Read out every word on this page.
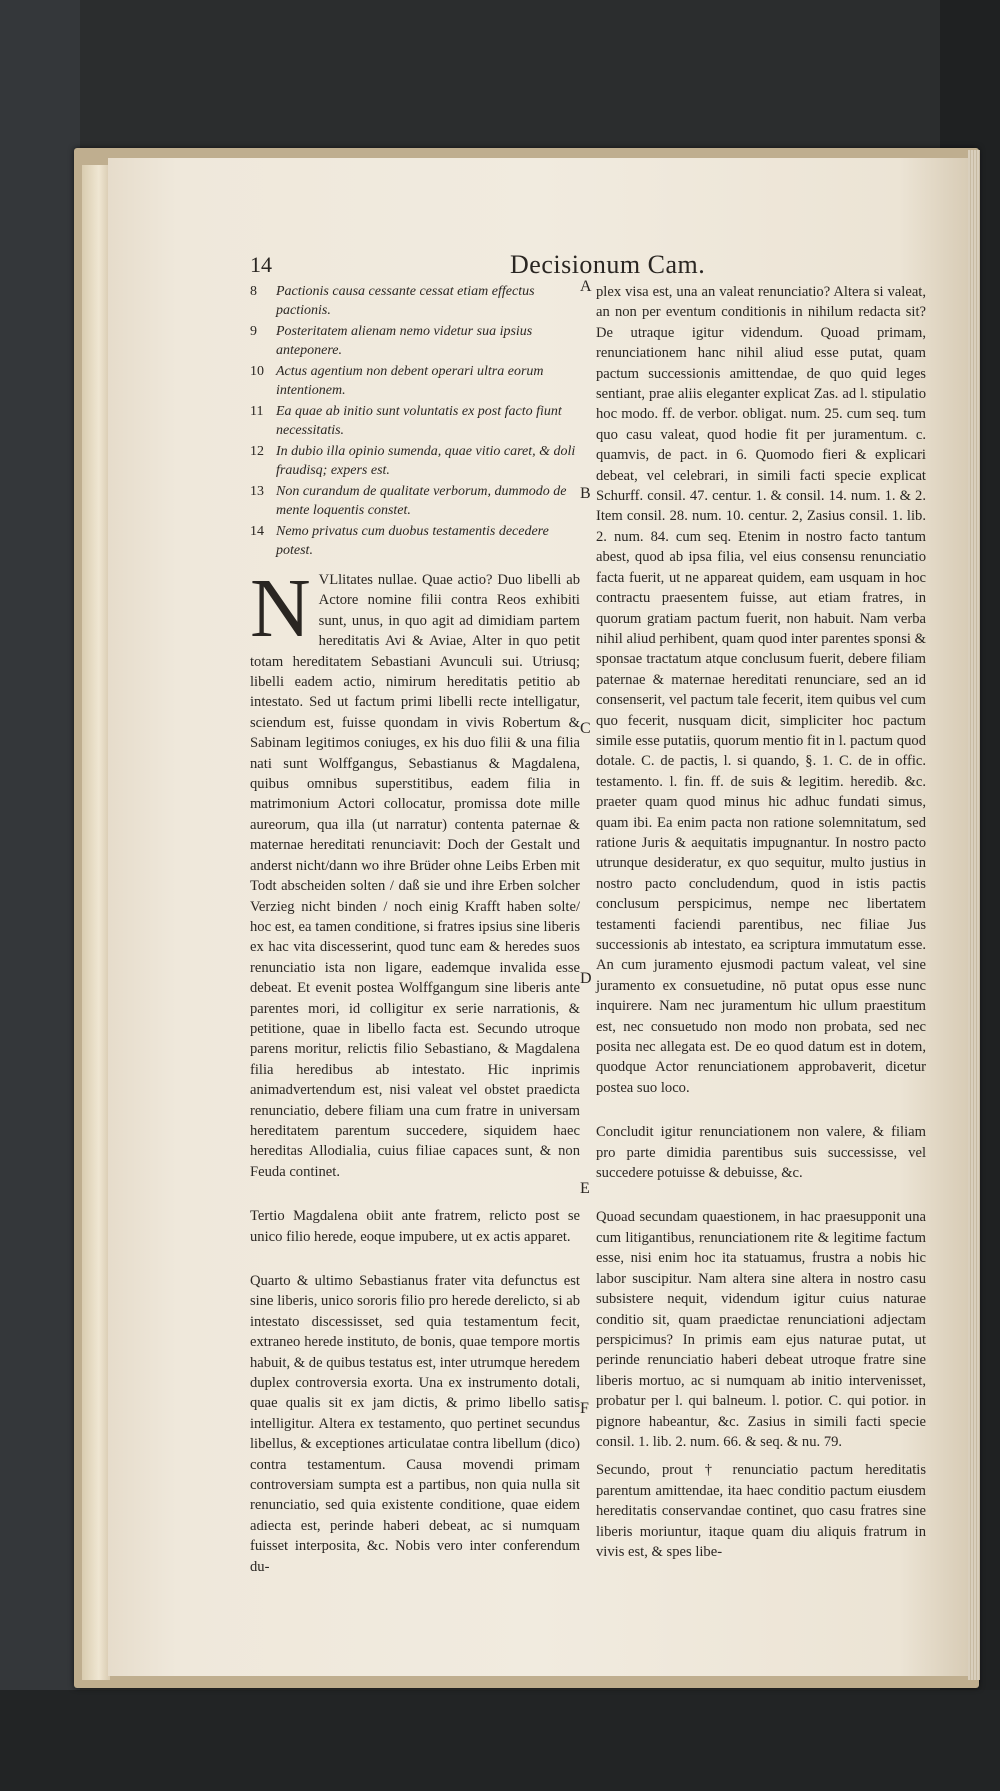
14	Decisionum Cam.
8 Pactionis causa cessante cessat etiam effectus pactionis.
9 Posteritatem alienam nemo videtur sua ipsius anteponere.
10 Actus agentium non debent operari ultra eorum intentionem.
11 Ea quae ab initio sunt voluntatis ex post facto fiunt necessitatis.
12 In dubio illa opinio sumenda, quae vitio caret, & doli fraudisq; expers est.
13 Non curandum de qualitate verborum, dummodo de mente loquentis constet.
14 Nemo privatus cum duobus testamentis decedere potest.

N VLlitates nullae. Quae actio? Duo libelli ab Actore nomine filii contra Reos exhibiti sunt, unus, in quo agit ad dimidiam partem hereditatis Avi & Aviae, Alter in quo petit totam hereditatem Sebastiani Avunculi sui. Utriusq; libelli eadem actio, nimirum hereditatis petitio ab intestato. Sed ut factum primi libelli recte intelligatur, sciendum est, fuisse quondam in vivis Robertum & Sabinam legitimos coniuges, ex his duo filii & una filia nati sunt Wolffgangus, Sebastianus & Magdalena, quibus omnibus superstitibus, eadem filia in matrimonium Actori collocatur, promissa dote mille aureorum, qua illa (ut narratur) contenta paternae & maternae hereditati renunciavit: Doch der Gestalt und anderst nicht/dann wo ihre Brüder ohne Leibs Erben mit Todt abscheiden solten / daß sie und ihre Erben solcher Verzieg nicht binden / noch einig Krafft haben solte/ hoc est, ea tamen conditione, si fratres ipsius sine liberis ex hac vita discesserint, quod tunc eam & heredes suos renunciatio ista non ligare, eademque invalida esse debeat. Et evenit postea Wolffgangum sine liberis ante parentes mori, id colligitur ex serie narrationis, & petitione, quae in libello facta est. Secundo utroque parens moritur, relictis filio Sebastiano, & Magdalena filia heredibus ab intestato. Hic inprimis animadvertendum est, nisi valeat vel obstet praedicta renunciatio, debere filiam una cum fratre in universam hereditatem parentum succedere, siquidem haec hereditas Allodialia, cuius filiae capaces sunt, & non Feuda continet.

Tertio Magdalena obiit ante fratrem, relicto post se unico filio herede, eoque impubere, ut ex actis apparet.

Quarto & ultimo Sebastianus frater vita defunctus est sine liberis, unico sororis filio pro herede derelicto, si ab intestato discessisset, sed quia testamentum fecit, extraneo herede instituto, de bonis, quae tempore mortis habuit, & de quibus testatus est, inter utrumque heredem duplex controversia exorta. Una ex instrumento dotali, quae qualis sit ex jam dictis, & primo libello satis intelligitur. Altera ex testamento, quo pertinet secundus libellus, & exceptiones articulatae contra libellum (dico) contra testamentum. Causa movendi primam controversiam sumpta est a partibus, non quia nulla sit renunciatio, sed quia existente conditione, quae eidem adiecta est, perinde haberi debeat, ac si numquam fuisset interposita, &c. Nobis vero inter conferendum du-

plex visa est, una an valeat renunciatio? Altera si valeat, an non per eventum conditionis in nihilum redacta sit? De utraque igitur videndum. Quoad primam, renunciationem hanc nihil aliud esse putat, quam pactum successionis amittendae, de quo quid leges sentiant, prae aliis eleganter explicat Zas. ad l. stipulatio hoc modo. ff. de verbor. obligat. num. 25. cum seq. tum quo casu valeat, quod hodie fit per juramentum. c. quamvis, de pact. in 6. Quomodo fieri & explicari debeat, vel celebrari, in simili facti specie explicat Schurff. consil. 47. centur. 1. & consil. 14. num. 1. & 2. Item consil. 28. num. 10. centur. 2, Zasius consil. 1. lib. 2. num. 84. cum seq. Etenim in nostro facto tantum abest, quod ab ipsa filia, vel eius consensu renunciatio facta fuerit, ut ne appareat quidem, eam usquam in hoc contractu praesentem fuisse, aut etiam fratres, in quorum gratiam pactum fuerit, non habuit. Nam verba nihil aliud perhibent, quam quod inter parentes sponsi & sponsae tractatum atque conclusum fuerit, debere filiam paternae & maternae hereditati renunciare, sed an id consenserit, vel pactum tale fecerit, item quibus vel cum quo fecerit, nusquam dicit, simpliciter hoc pactum simile esse putatiis, quorum mentio fit in l. pactum quod dotale. C. de pactis, l. si quando, §. 1. C. de in offic. testamento. l. fin. ff. de suis & legitim. heredib. &c. praeter quam quod minus hic adhuc fundati simus, quam ibi. Ea enim pacta non ratione solemnitatum, sed ratione Juris & aequitatis impugnantur. In nostro pacto utrunque desideratur, ex quo sequitur, multo justius in nostro pacto concludendum, quod in istis pactis conclusum perspicimus, nempe nec libertatem testamenti faciendi parentibus, nec filiae Jus successionis ab intestato, ea scriptura immutatum esse. An cum juramento ejusmodi pactum valeat, vel sine juramento ex consuetudine, nō putat opus esse nunc inquirere. Nam nec juramentum hic ullum praestitum est, nec consuetudo non modo non probata, sed nec posita nec allegata est. De eo quod datum est in dotem, quodque Actor renunciationem approbaverit, dicetur postea suo loco.

Concludit igitur renunciationem non valere, & filiam pro parte dimidia parentibus suis successisse, vel succedere potuisse & debuisse, &c.

Quoad secundam quaestionem, in hac praesupponit una cum litigantibus, renunciationem rite & legitime factum esse, nisi enim hoc ita statuamus, frustra a nobis hic labor suscipitur. Nam altera sine altera in nostro casu subsistere nequit, videndum igitur cuius naturae conditio sit, quam praedictae renunciationi adjectam perspicimus? In primis eam ejus naturae putat, ut perinde renunciatio haberi debeat utroque fratre sine liberis mortuo, ac si numquam ab initio intervenisset, probatur per l. qui balneum. l. potior. C. qui potior. in pignore habeantur, &c. Zasius in simili facti specie consil. 1. lib. 2. num. 66. & seq. & nu. 79.

Secundo, prout † renunciatio pactum hereditatis parentum amittendae, ita haec conditio pactum eiusdem hereditatis conservandae continet, quo casu fratres sine liberis moriuntur, itaque quam diu aliquis fratrum in vivis est, & spes libe-

A
B
C
D
E
F
